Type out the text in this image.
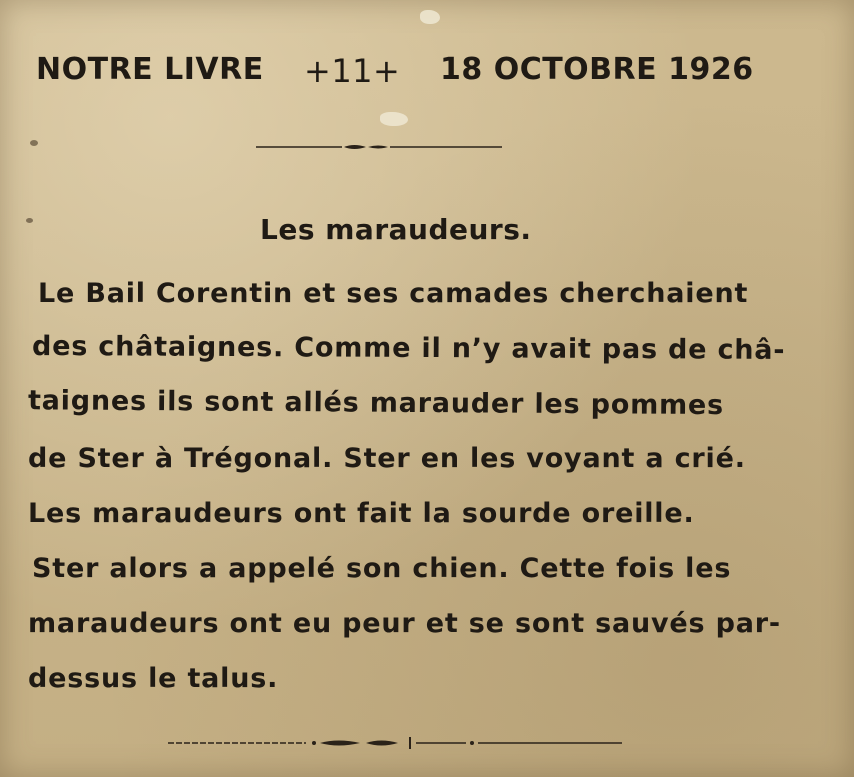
NOTRE LIVRE +11+ 18 OCTOBRE 1926
Les maraudeurs.
Le Bail Corentin et ses camades cherchaient
des châtaignes. Comme il n’y avait pas de châ-
taignes ils sont allés marauder les pommes
de Ster à Trégonal. Ster en les voyant a crié.
Les maraudeurs ont fait la sourde oreille.
Ster alors a appelé son chien. Cette fois les
maraudeurs ont eu peur et se sont sauvés par-
dessus le talus.
